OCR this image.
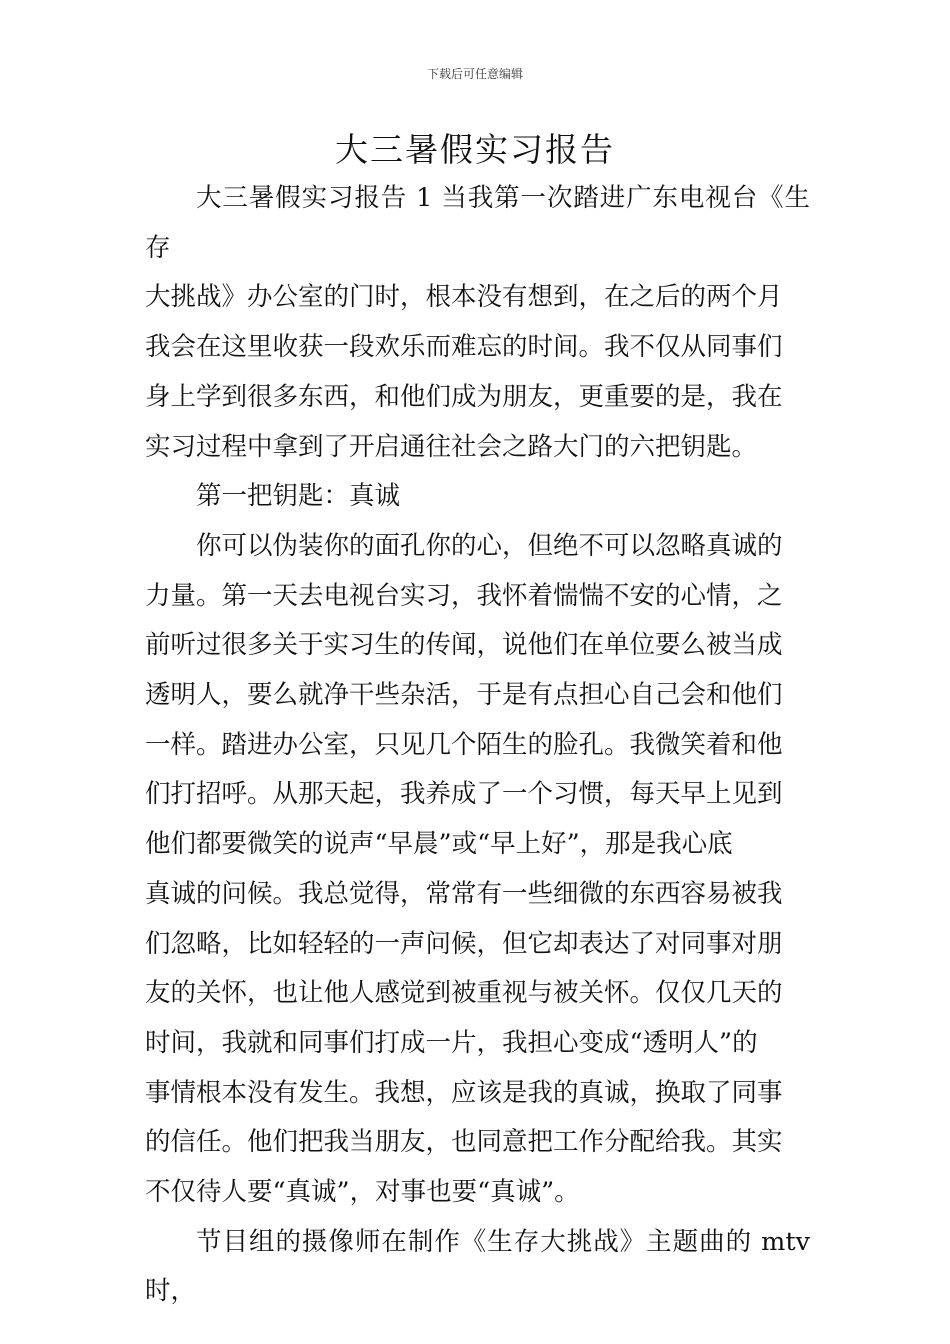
下载后可任意编辑
大三暑假实习报告

大三暑假实习报告 1 当我第一次踏进广东电视台《生存
大挑战》办公室的门时，根本没有想到，在之后的两个月
我会在这里收获一段欢乐而难忘的时间。我不仅从同事们
身上学到很多东西，和他们成为朋友，更重要的是，我在
实习过程中拿到了开启通往社会之路大门的六把钥匙。

第一把钥匙：真诚

你可以伪装你的面孔你的心，但绝不可以忽略真诚的
力量。第一天去电视台实习，我怀着惴惴不安的心情，之
前听过很多关于实习生的传闻，说他们在单位要么被当成
透明人，要么就净干些杂活，于是有点担心自己会和他们
一样。踏进办公室，只见几个陌生的脸孔。我微笑着和他
们打招呼。从那天起，我养成了一个习惯，每天早上见到
他们都要微笑的说声“早晨”或“早上好”，那是我心底
真诚的问候。我总觉得，常常有一些细微的东西容易被我
们忽略，比如轻轻的一声问候，但它却表达了对同事对朋
友的关怀，也让他人感觉到被重视与被关怀。仅仅几天的
时间，我就和同事们打成一片，我担心变成“透明人”的
事情根本没有发生。我想，应该是我的真诚，换取了同事
的信任。他们把我当朋友，也同意把工作分配给我。其实
不仅待人要“真诚”，对事也要“真诚”。

节目组的摄像师在制作《生存大挑战》主题曲的 mtv 时，
